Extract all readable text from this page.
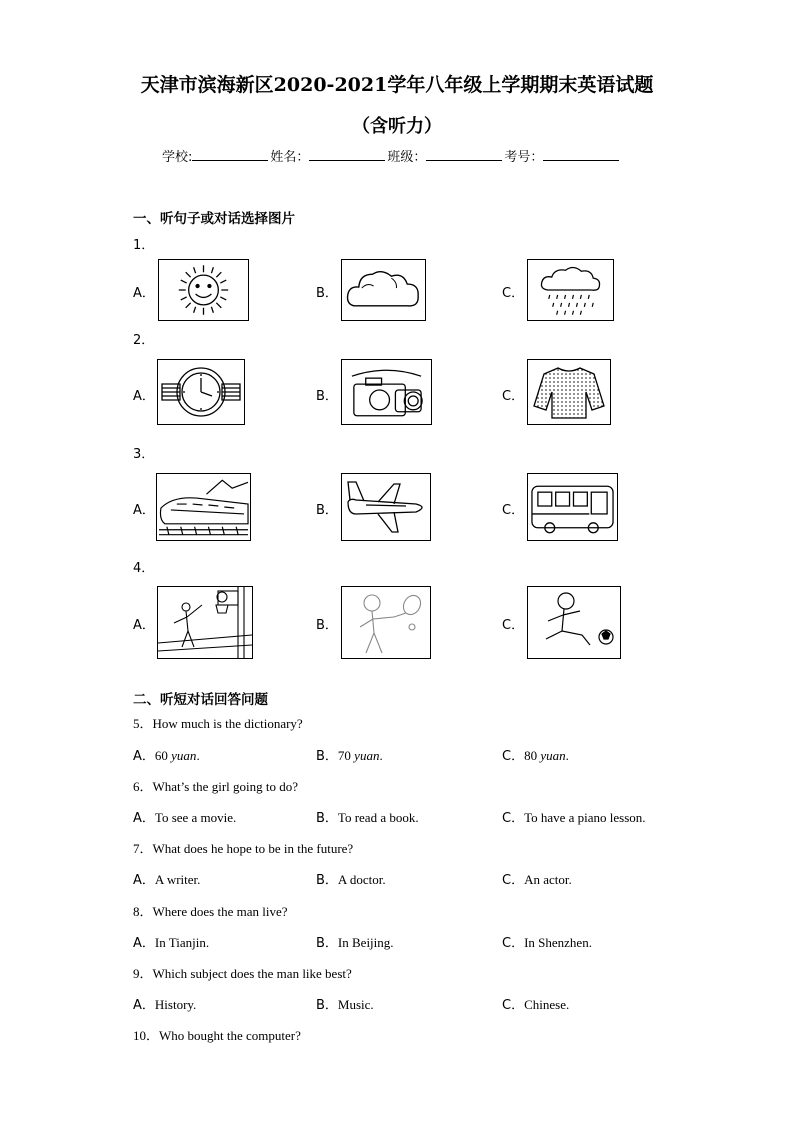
天津市滨海新区2020-2021学年八年级上学期期末英语试题
（含听力）
学校:	姓名：	班级：	考号：
一、听句子或对话选择图片
1．
A．	B．	C．
2．
A．	B．	C．
3．
A．	B．	C．
4．
A．	B．	C．
二、听短对话回答问题
5．How much is the dictionary?
A．60 yuan.	B．70 yuan.	C．80 yuan.
6．What’s the girl going to do?
A．To see a movie.	B．To read a book.	C．To have a piano lesson.
7．What does he hope to be in the future?
A．A writer.	B．A doctor.	C．An actor.
8．Where does the man live?
A．In Tianjin.	B．In Beijing.	C．In Shenzhen.
9．Which subject does the man like best?
A．History.	B．Music.	C．Chinese.
10．Who bought the computer?
